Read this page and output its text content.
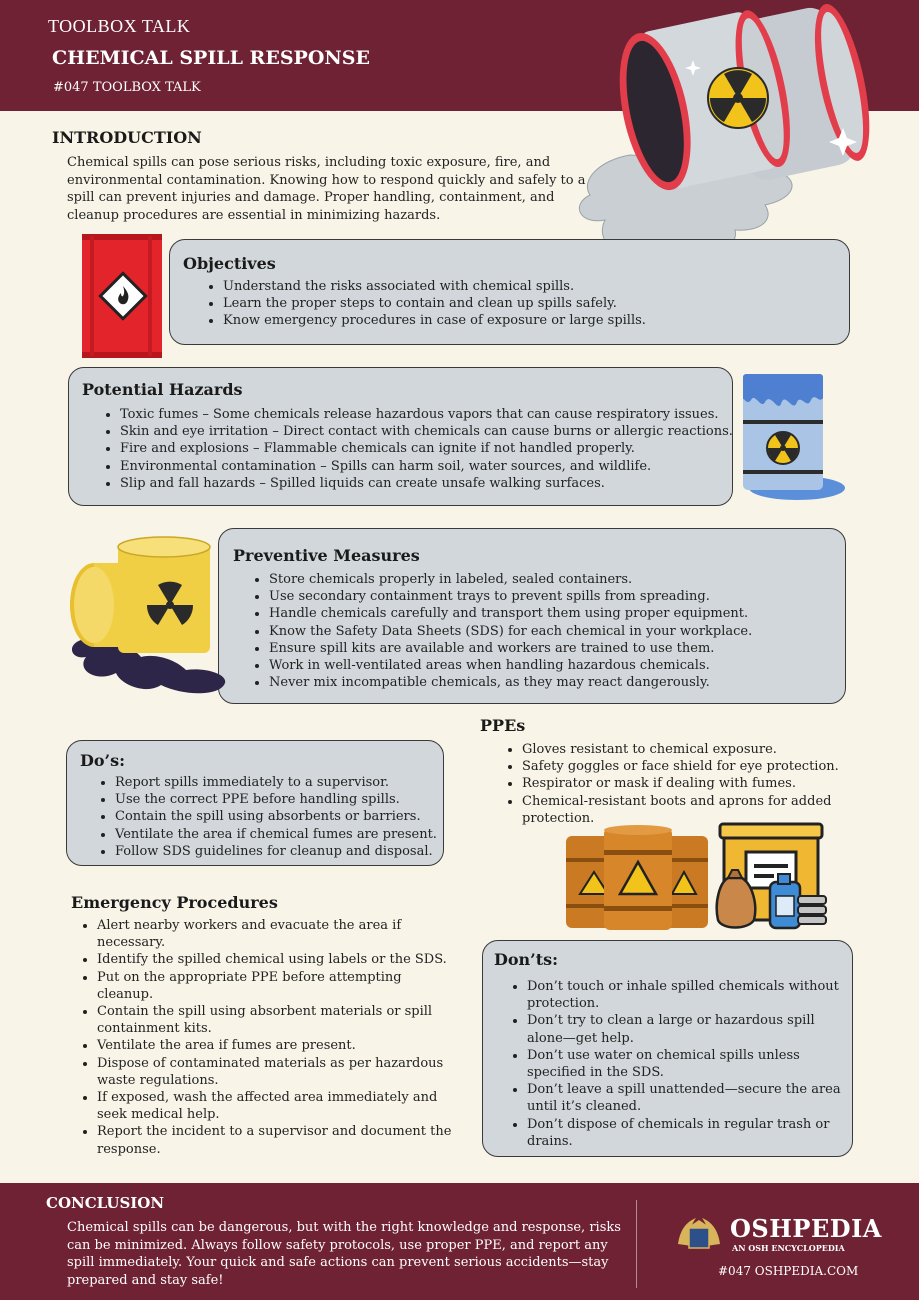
TOOLBOX TALK
CHEMICAL SPILL RESPONSE
#047 TOOLBOX TALK
INTRODUCTION
Chemical spills can pose serious risks, including toxic exposure, fire, and
environmental contamination. Knowing how to respond quickly and safely to a
spill can prevent injuries and damage. Proper handling, containment, and
cleanup procedures are essential in minimizing hazards.
Objectives
• Understand the risks associated with chemical spills.
• Learn the proper steps to contain and clean up spills safely.
• Know emergency procedures in case of exposure or large spills.
Potential Hazards
• Toxic fumes – Some chemicals release hazardous vapors that can cause respiratory issues.
• Skin and eye irritation – Direct contact with chemicals can cause burns or allergic reactions.
• Fire and explosions – Flammable chemicals can ignite if not handled properly.
• Environmental contamination – Spills can harm soil, water sources, and wildlife.
• Slip and fall hazards – Spilled liquids can create unsafe walking surfaces.
Preventive Measures
• Store chemicals properly in labeled, sealed containers.
• Use secondary containment trays to prevent spills from spreading.
• Handle chemicals carefully and transport them using proper equipment.
• Know the Safety Data Sheets (SDS) for each chemical in your workplace.
• Ensure spill kits are available and workers are trained to use them.
• Work in well-ventilated areas when handling hazardous chemicals.
• Never mix incompatible chemicals, as they may react dangerously.
Do’s:
• Report spills immediately to a supervisor.
• Use the correct PPE before handling spills.
• Contain the spill using absorbents or barriers.
• Ventilate the area if chemical fumes are present.
• Follow SDS guidelines for cleanup and disposal.
PPEs
• Gloves resistant to chemical exposure.
• Safety goggles or face shield for eye protection.
• Respirator or mask if dealing with fumes.
• Chemical-resistant boots and aprons for added
protection.
Emergency Procedures
• Alert nearby workers and evacuate the area if
necessary.
• Identify the spilled chemical using labels or the SDS.
• Put on the appropriate PPE before attempting
cleanup.
• Contain the spill using absorbent materials or spill
containment kits.
• Ventilate the area if fumes are present.
• Dispose of contaminated materials as per hazardous
waste regulations.
• If exposed, wash the affected area immediately and
seek medical help.
• Report the incident to a supervisor and document the
response.
Don’ts:
• Don’t touch or inhale spilled chemicals without
protection.
• Don’t try to clean a large or hazardous spill
alone—get help.
• Don’t use water on chemical spills unless
specified in the SDS.
• Don’t leave a spill unattended—secure the area
until it’s cleaned.
• Don’t dispose of chemicals in regular trash or
drains.
CONCLUSION
Chemical spills can be dangerous, but with the right knowledge and response, risks
can be minimized. Always follow safety protocols, use proper PPE, and report any
spill immediately. Your quick and safe actions can prevent serious accidents—stay
prepared and stay safe!
OSHPEDIA
AN OSH ENCYCLOPEDIA
#047 OSHPEDIA.COM
